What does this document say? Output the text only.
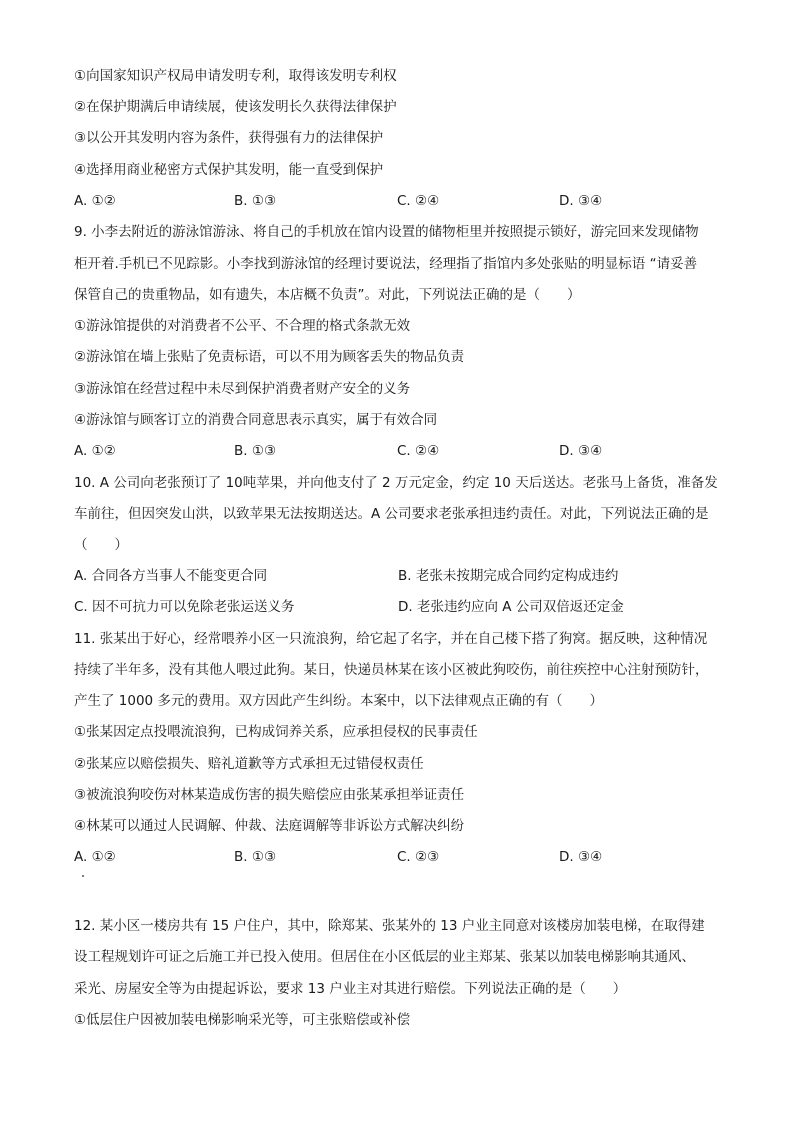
①向国家知识产权局申请发明专利，取得该发明专利权
②在保护期满后申请续展，使该发明长久获得法律保护
③以公开其发明内容为条件，获得强有力的法律保护
④选择用商业秘密方式保护其发明，能一直受到保护
A. ①②	B. ①③	C. ②④	D. ③④
9. 小李去附近的游泳馆游泳、将自己的手机放在馆内设置的储物柜里并按照提示锁好，游完回来发现储物
柜开着.手机已不见踪影。小李找到游泳馆的经理讨要说法，经理指了指馆内多处张贴的明显标语 “请妥善
保管自己的贵重物品，如有遗失，本店概不负责”。对此，下列说法正确的是（　　）
①游泳馆提供的对消费者不公平、不合理的格式条款无效
②游泳馆在墙上张贴了免责标语，可以不用为顾客丢失的物品负责
③游泳馆在经营过程中未尽到保护消费者财产安全的义务
④游泳馆与顾客订立的消费合同意思表示真实，属于有效合同
A. ①②	B. ①③	C. ②④	D. ③④
10. A 公司向老张预订了 10吨苹果，并向他支付了 2 万元定金，约定 10 天后送达。老张马上备货，准备发
车前往，但因突发山洪，以致苹果无法按期送达。A 公司要求老张承担违约责任。对此，下列说法正确的是
（　　）
A. 合同各方当事人不能变更合同	B. 老张未按期完成合同约定构成违约
C. 因不可抗力可以免除老张运送义务	D. 老张违约应向 A 公司双倍返还定金
11. 张某出于好心，经常喂养小区一只流浪狗，给它起了名字，并在自己楼下搭了狗窝。据反映，这种情况
持续了半年多，没有其他人喂过此狗。某日，快递员林某在该小区被此狗咬伤，前往疾控中心注射预防针，
产生了 1000 多元的费用。双方因此产生纠纷。本案中，以下法律观点正确的有（　　）
①张某因定点投喂流浪狗，已构成饲养关系，应承担侵权的民事责任
②张某应以赔偿损失、赔礼道歉等方式承担无过错侵权责任
③被流浪狗咬伤对林某造成伤害的损失赔偿应由张某承担举证责任
④林某可以通过人民调解、仲裁、法庭调解等非诉讼方式解决纠纷
A. ①②	B. ①③	C. ②③	D. ③④
12. 某小区一楼房共有 15 户住户，其中，除郑某、张某外的 13 户业主同意对该楼房加装电梯，在取得建
设工程规划许可证之后施工并已投入使用。但居住在小区低层的业主郑某、张某以加装电梯影响其通风、
采光、房屋安全等为由提起诉讼，要求 13 户业主对其进行赔偿。下列说法正确的是（　　）
①低层住户因被加装电梯影响采光等，可主张赔偿或补偿
